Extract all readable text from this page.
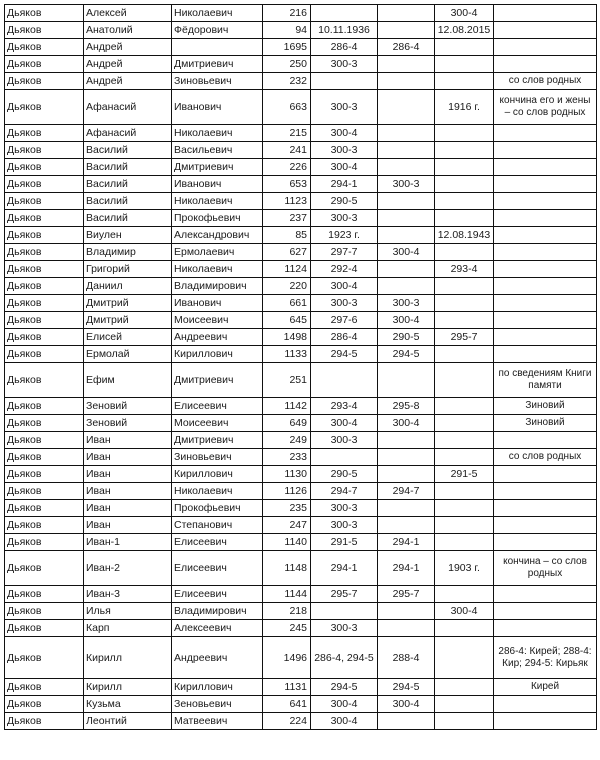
Дьяков	Алексей	Николаевич	216			300-4	
Дьяков	Анатолий	Фёдорович	94	10.11.1936		12.08.2015	
Дьяков	Андрей		1695	286-4	286-4		
Дьяков	Андрей	Дмитриевич	250	300-3			
Дьяков	Андрей	Зиновьевич	232				со слов родных
Дьяков	Афанасий	Иванович	663	300-3		1916 г.	кончина его и жены – со слов родных
Дьяков	Афанасий	Николаевич	215	300-4			
Дьяков	Василий	Васильевич	241	300-3			
Дьяков	Василий	Дмитриевич	226	300-4			
Дьяков	Василий	Иванович	653	294-1	300-3		
Дьяков	Василий	Николаевич	1123	290-5			
Дьяков	Василий	Прокофьевич	237	300-3			
Дьяков	Виулен	Александрович	85	1923 г.		12.08.1943	
Дьяков	Владимир	Ермолаевич	627	297-7	300-4		
Дьяков	Григорий	Николаевич	1124	292-4		293-4	
Дьяков	Даниил	Владимирович	220	300-4			
Дьяков	Дмитрий	Иванович	661	300-3	300-3		
Дьяков	Дмитрий	Моисеевич	645	297-6	300-4		
Дьяков	Елисей	Андреевич	1498	286-4	290-5	295-7	
Дьяков	Ермолай	Кириллович	1133	294-5	294-5		
Дьяков	Ефим	Дмитриевич	251				по сведениям Книги памяти
Дьяков	Зеновий	Елисеевич	1142	293-4	295-8		Зиновий
Дьяков	Зеновий	Моисеевич	649	300-4	300-4		Зиновий
Дьяков	Иван	Дмитриевич	249	300-3			
Дьяков	Иван	Зиновьевич	233				со слов родных
Дьяков	Иван	Кириллович	1130	290-5		291-5	
Дьяков	Иван	Николаевич	1126	294-7	294-7		
Дьяков	Иван	Прокофьевич	235	300-3			
Дьяков	Иван	Степанович	247	300-3			
Дьяков	Иван-1	Елисеевич	1140	291-5	294-1		
Дьяков	Иван-2	Елисеевич	1148	294-1	294-1	1903 г.	кончина – со слов родных
Дьяков	Иван-3	Елисеевич	1144	295-7	295-7		
Дьяков	Илья	Владимирович	218			300-4	
Дьяков	Карп	Алексеевич	245	300-3			
Дьяков	Кирилл	Андреевич	1496	286-4, 294-5	288-4		286-4: Кирей; 288-4: Кир; 294-5: Кирьяк
Дьяков	Кирилл	Кириллович	1131	294-5	294-5		Кирей
Дьяков	Кузьма	Зеновьевич	641	300-4	300-4		
Дьяков	Леонтий	Матвеевич	224	300-4			
